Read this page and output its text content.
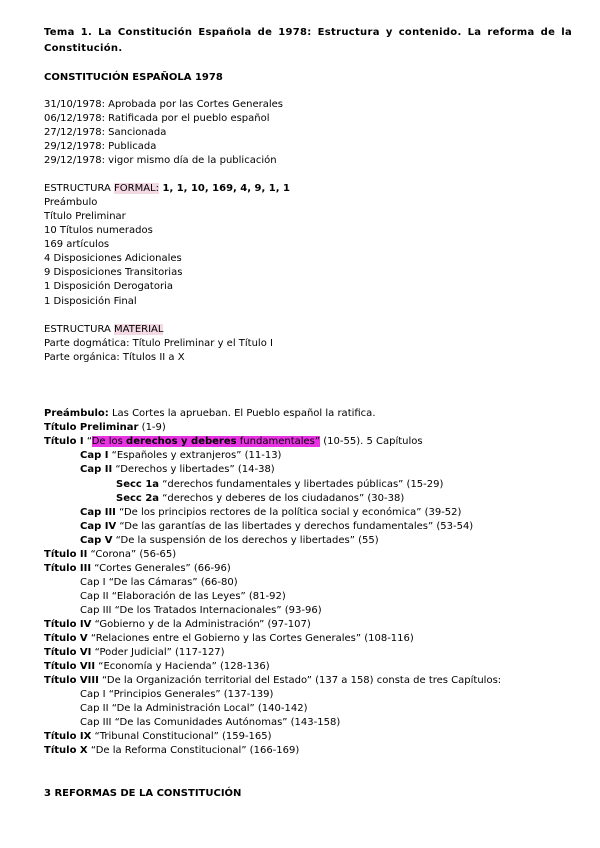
Tema 1. La Constitución Española de 1978: Estructura y contenido. La reforma de la Constitución.
CONSTITUCIÓN ESPAÑOLA 1978
31/10/1978: Aprobada por las Cortes Generales
06/12/1978: Ratificada por el pueblo español
27/12/1978: Sancionada
29/12/1978: Publicada
29/12/1978: vigor mismo día de la publicación
ESTRUCTURA FORMAL: 1, 1, 10, 169, 4, 9, 1, 1
Preámbulo
Título Preliminar
10 Títulos numerados
169 artículos
4 Disposiciones Adicionales
9 Disposiciones Transitorias
1 Disposición Derogatoria
1 Disposición Final
ESTRUCTURA MATERIAL
Parte dogmática: Título Preliminar y el Título I
Parte orgánica: Títulos II a X
Preámbulo: Las Cortes la aprueban. El Pueblo español la ratifica.
Título Preliminar (1-9)
Título I “De los derechos y deberes fundamentales” (10-55). 5 Capítulos
Cap I “Españoles y extranjeros” (11-13)
Cap II “Derechos y libertades” (14-38)
Secc 1a “derechos fundamentales y libertades públicas” (15-29)
Secc 2a “derechos y deberes de los ciudadanos” (30-38)
Cap III “De los principios rectores de la política social y económica” (39-52)
Cap IV “De las garantías de las libertades y derechos fundamentales” (53-54)
Cap V “De la suspensión de los derechos y libertades” (55)
Título II “Corona” (56-65)
Título III “Cortes Generales” (66-96)
Cap I “De las Cámaras” (66-80)
Cap II “Elaboración de las Leyes” (81-92)
Cap III “De los Tratados Internacionales” (93-96)
Título IV “Gobierno y de la Administración” (97-107)
Título V “Relaciones entre el Gobierno y las Cortes Generales” (108-116)
Título VI “Poder Judicial” (117-127)
Título VII “Economía y Hacienda” (128-136)
Título VIII “De la Organización territorial del Estado” (137 a 158) consta de tres Capítulos:
Cap I “Principios Generales” (137-139)
Cap II “De la Administración Local” (140-142)
Cap III “De las Comunidades Autónomas” (143-158)
Título IX “Tribunal Constitucional” (159-165)
Título X “De la Reforma Constitucional” (166-169)
3 REFORMAS DE LA CONSTITUCIÓN
